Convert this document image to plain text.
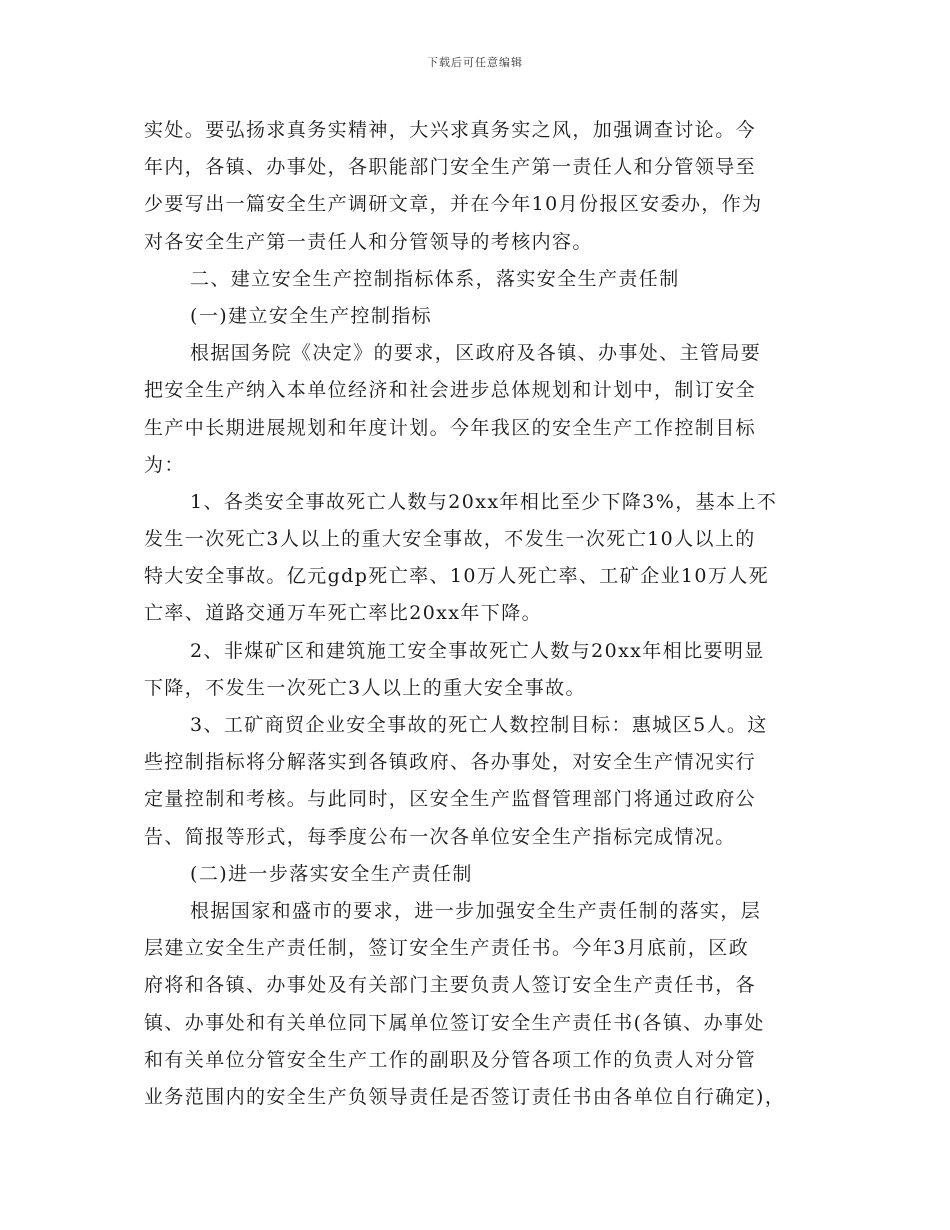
下载后可任意编辑
实处。要弘扬求真务实精神，大兴求真务实之风，加强调查讨论。今
年内，各镇、办事处，各职能部门安全生产第一责任人和分管领导至
少要写出一篇安全生产调研文章，并在今年10月份报区安委办，作为
对各安全生产第一责任人和分管领导的考核内容。
二、建立安全生产控制指标体系，落实安全生产责任制
(一)建立安全生产控制指标
根据国务院《决定》的要求，区政府及各镇、办事处、主管局要
把安全生产纳入本单位经济和社会进步总体规划和计划中，制订安全
生产中长期进展规划和年度计划。今年我区的安全生产工作控制目标
为：
1、各类安全事故死亡人数与20xx年相比至少下降3%，基本上不
发生一次死亡3人以上的重大安全事故，不发生一次死亡10人以上的
特大安全事故。亿元gdp死亡率、10万人死亡率、工矿企业10万人死
亡率、道路交通万车死亡率比20xx年下降。
2、非煤矿区和建筑施工安全事故死亡人数与20xx年相比要明显
下降，不发生一次死亡3人以上的重大安全事故。
3、工矿商贸企业安全事故的死亡人数控制目标：惠城区5人。这
些控制指标将分解落实到各镇政府、各办事处，对安全生产情况实行
定量控制和考核。与此同时，区安全生产监督管理部门将通过政府公
告、简报等形式，每季度公布一次各单位安全生产指标完成情况。
(二)进一步落实安全生产责任制
根据国家和盛市的要求，进一步加强安全生产责任制的落实，层
层建立安全生产责任制，签订安全生产责任书。今年3月底前，区政
府将和各镇、办事处及有关部门主要负责人签订安全生产责任书，各
镇、办事处和有关单位同下属单位签订安全生产责任书(各镇、办事处
和有关单位分管安全生产工作的副职及分管各项工作的负责人对分管
业务范围内的安全生产负领导责任是否签订责任书由各单位自行确定)，
